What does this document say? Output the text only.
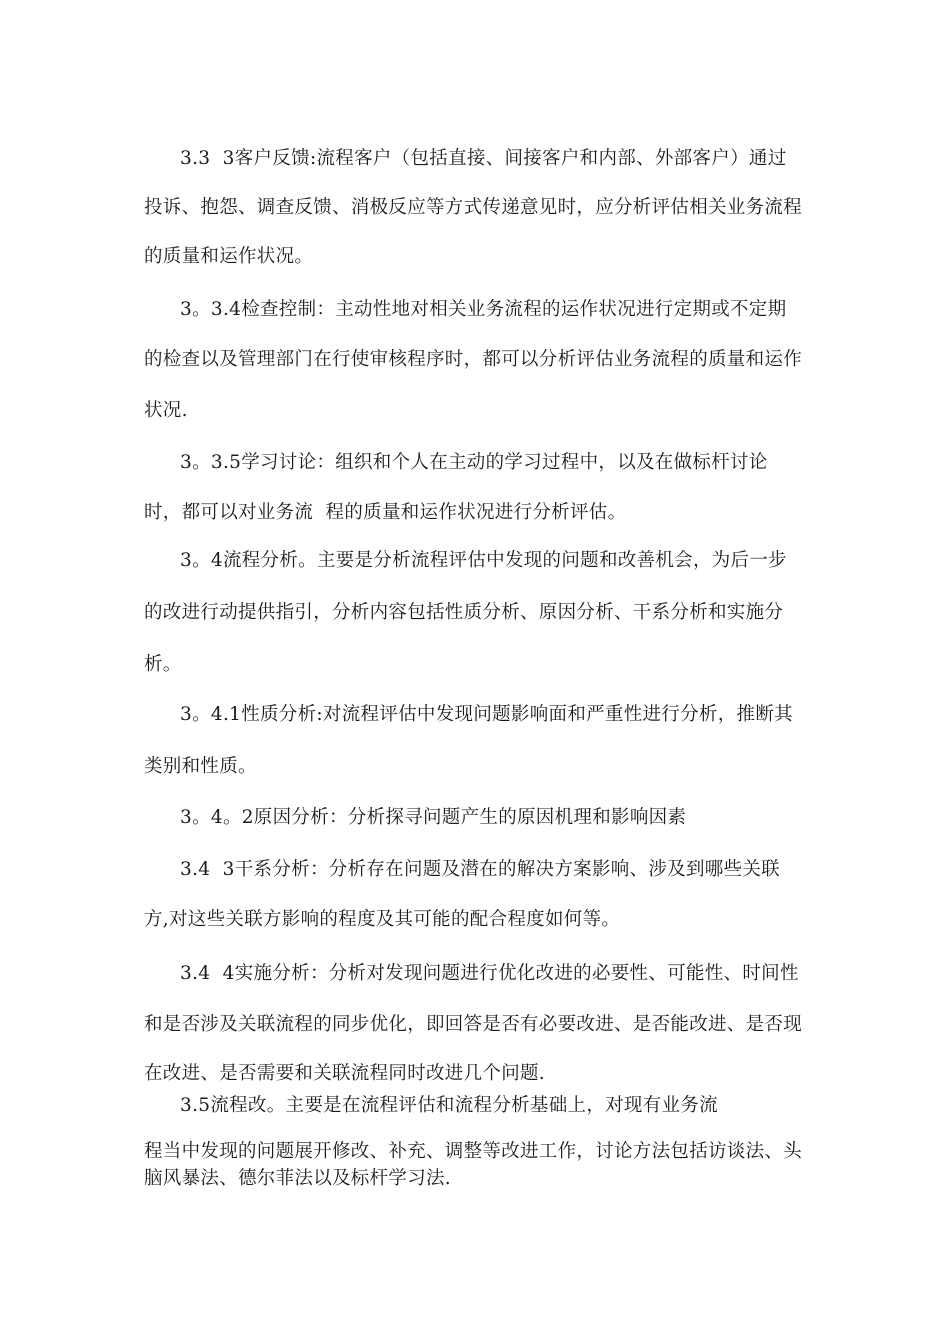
3.3  3客户反馈:流程客户（包括直接、间接客户和内部、外部客户）通过

投诉、抱怨、调查反馈、消极反应等方式传递意见时，应分析评估相关业务流程

的质量和运作状况。

3。3.4检查控制：主动性地对相关业务流程的运作状况进行定期或不定期

的检查以及管理部门在行使审核程序时，都可以分析评估业务流程的质量和运作

状况.

3。3.5学习讨论：组织和个人在主动的学习过程中，以及在做标杆讨论

时，都可以对业务流  程的质量和运作状况进行分析评估。

3。4流程分析。主要是分析流程评估中发现的问题和改善机会，为后一步

的改进行动提供指引，分析内容包括性质分析、原因分析、干系分析和实施分

析。

3。4.1性质分析:对流程评估中发现问题影响面和严重性进行分析，推断其

类别和性质。

3。4。2原因分析：分析探寻问题产生的原因机理和影响因素

3.4  3干系分析：分析存在问题及潜在的解决方案影响、涉及到哪些关联

方,对这些关联方影响的程度及其可能的配合程度如何等。

3.4  4实施分析：分析对发现问题进行优化改进的必要性、可能性、时间性

和是否涉及关联流程的同步优化，即回答是否有必要改进、是否能改进、是否现

在改进、是否需要和关联流程同时改进几个问题.

3.5流程改。主要是在流程评估和流程分析基础上，对现有业务流

程当中发现的问题展开修改、补充、调整等改进工作，讨论方法包括访谈法、头

脑风暴法、德尔菲法以及标杆学习法.
